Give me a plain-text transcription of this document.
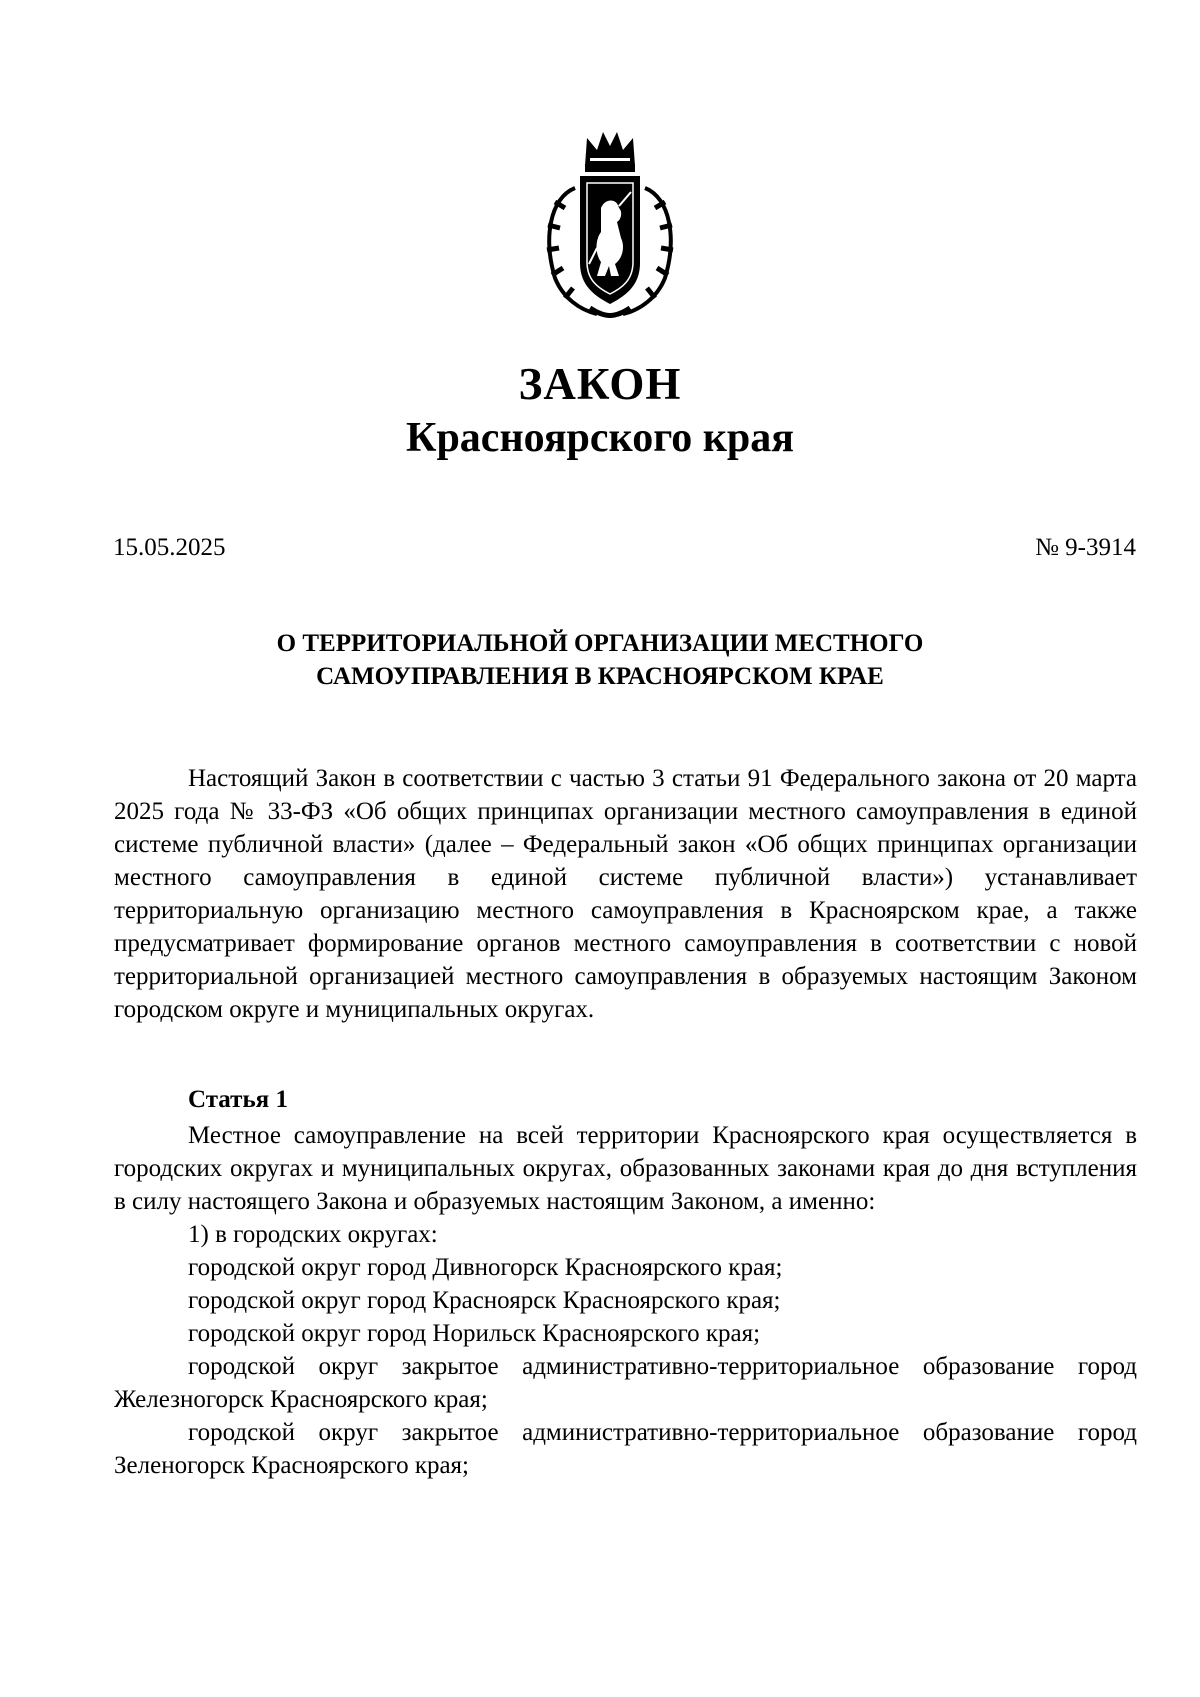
ЗАКОН
Красноярского края
15.05.2025	№ 9-3914
О ТЕРРИТОРИАЛЬНОЙ ОРГАНИЗАЦИИ МЕСТНОГО
САМОУПРАВЛЕНИЯ В КРАСНОЯРСКОМ КРАЕ
Настоящий Закон в соответствии с частью 3 статьи 91 Федерального закона от 20 марта 2025 года № 33-ФЗ «Об общих принципах организации местного самоуправления в единой системе публичной власти» (далее – Федеральный закон «Об общих принципах организации местного самоуправления в единой системе публичной власти») устанавливает территориальную организацию местного самоуправления в Красноярском крае, а также предусматривает формирование органов местного самоуправления в соответствии с новой территориальной организацией местного самоуправления в образуемых настоящим Законом городском округе и муниципальных округах.
Статья 1

Местное самоуправление на всей территории Красноярского края осуществляется в городских округах и муниципальных округах, образованных законами края до дня вступления в силу настоящего Закона и образуемых настоящим Законом, а именно:

1) в городских округах:

городской округ город Дивногорск Красноярского края;

городской округ город Красноярск Красноярского края;

городской округ город Норильск Красноярского края;

городской округ закрытое административно-территориальное образование город Железногорск Красноярского края;

городской округ закрытое административно-территориальное образование город Зеленогорск Красноярского края;
